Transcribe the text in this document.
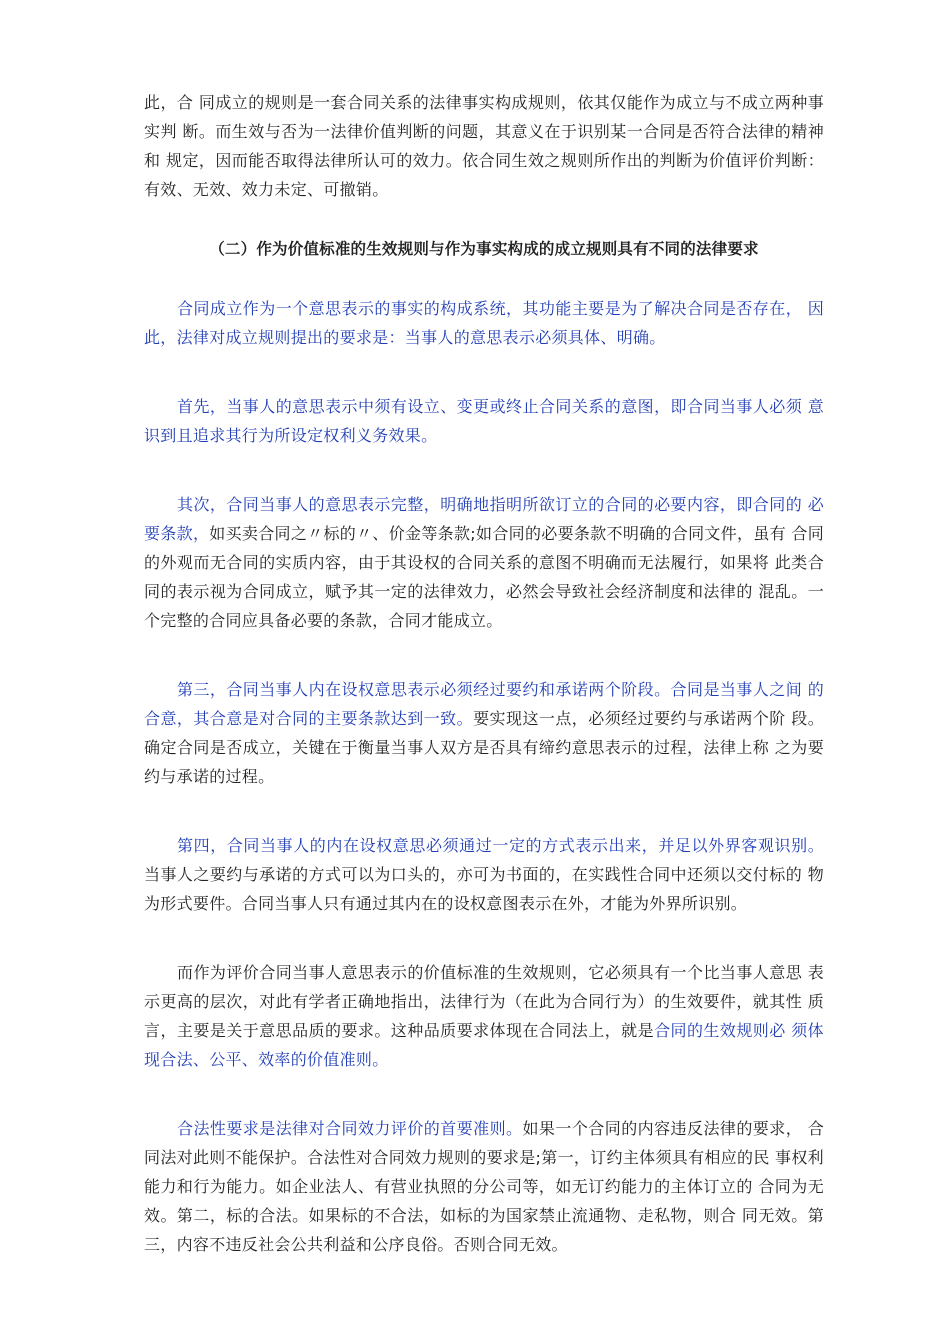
此，合 同成立的规则是一套合同关系的法律事实构成规则，依其仅能作为成立与不成立两种事实判 断。而生效与否为一法律价值判断的问题，其意义在于识别某一合同是否符合法律的精神和 规定，因而能否取得法律所认可的效力。依合同生效之规则所作出的判断为价值评价判断：有效、无效、效力未定、可撤销。

（二）作为价值标准的生效规则与作为事实构成的成立规则具有不同的法律要求

合同成立作为一个意思表示的事实的构成系统，其功能主要是为了解决合同是否存在， 因此，法律对成立规则提出的要求是：当事人的意思表示必须具体、明确。

首先，当事人的意思表示中须有设立、变更或终止合同关系的意图，即合同当事人必须 意识到且追求其行为所设定权利义务效果。

其次，合同当事人的意思表示完整，明确地指明所欲订立的合同的必要内容，即合同的 必要条款，如买卖合同之〃标的〃、价金等条款;如合同的必要条款不明确的合同文件，虽有 合同的外观而无合同的实质内容，由于其设权的合同关系的意图不明确而无法履行，如果将 此类合同的表示视为合同成立，赋予其一定的法律效力，必然会导致社会经济制度和法律的 混乱。一个完整的合同应具备必要的条款，合同才能成立。

第三，合同当事人内在设权意思表示必须经过要约和承诺两个阶段。合同是当事人之间 的合意，其合意是对合同的主要条款达到一致。要实现这一点，必须经过要约与承诺两个阶 段。确定合同是否成立，关键在于衡量当事人双方是否具有缔约意思表示的过程，法律上称 之为要约与承诺的过程。

第四，合同当事人的内在设权意思必须通过一定的方式表示出来，并足以外界客观识别。 当事人之要约与承诺的方式可以为口头的，亦可为书面的，在实践性合同中还须以交付标的 物为形式要件。合同当事人只有通过其内在的设权意图表示在外，才能为外界所识别。

而作为评价合同当事人意思表示的价值标准的生效规则，它必须具有一个比当事人意思 表示更高的层次，对此有学者正确地指出，法律行为（在此为合同行为）的生效要件，就其性 质言，主要是关于意思品质的要求。这种品质要求体现在合同法上，就是合同的生效规则必 须体现合法、公平、效率的价值准则。

合法性要求是法律对合同效力评价的首要准则。如果一个合同的内容违反法律的要求， 合同法对此则不能保护。合法性对合同效力规则的要求是;第一，订约主体须具有相应的民 事权利能力和行为能力。如企业法人、有营业执照的分公司等，如无订约能力的主体订立的 合同为无效。第二，标的合法。如果标的不合法，如标的为国家禁止流通物、走私物，则合 同无效。第三，内容不违反社会公共利益和公序良俗。否则合同无效。
